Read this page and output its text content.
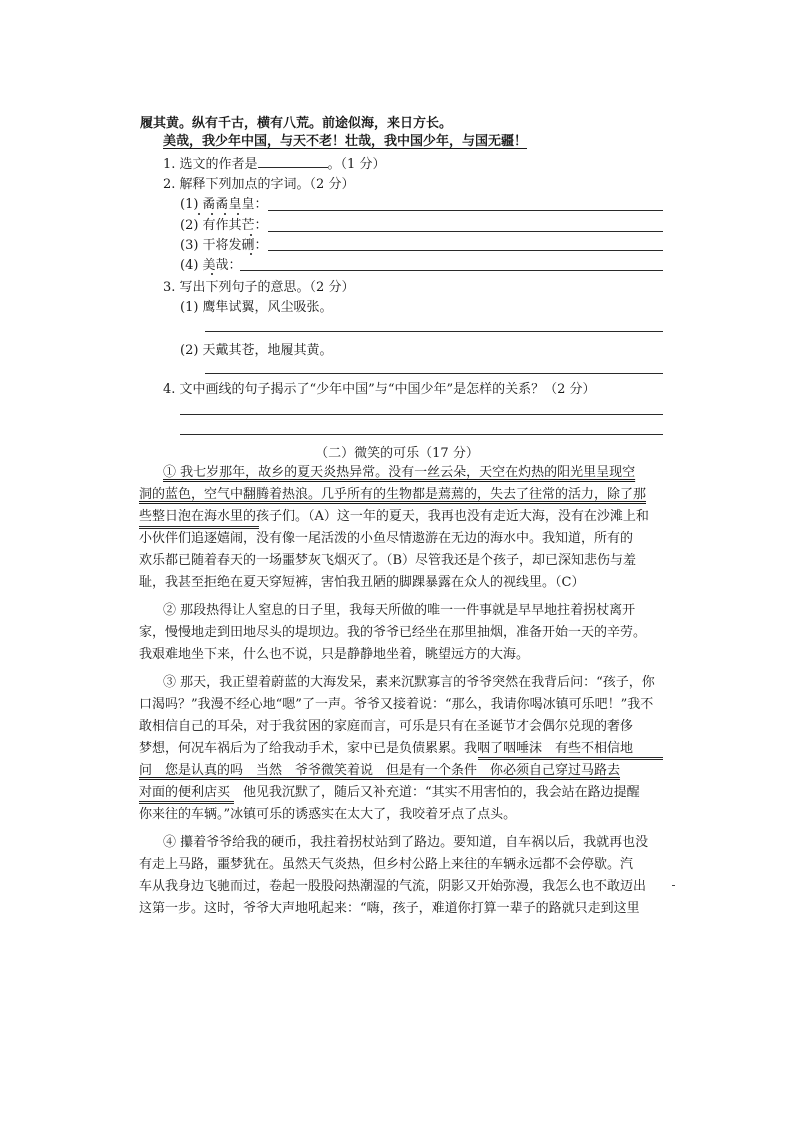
履其黄。纵有千古，横有八荒。前途似海，来日方长。
美哉，我少年中国，与天不老！壮哉，我中国少年，与国无疆！
1. 选文的作者是	。（1 分）
2. 解释下列加点的字词。（2 分）
(1) 矞矞皇皇：
(2) 有作其芒：
(3) 干将发硎：
(4) 美哉：
3. 写出下列句子的意思。（2 分）
(1) 鹰隼试翼，风尘吸张。
(2) 天戴其苍，地履其黄。
4. 文中画线的句子揭示了“少年中国”与“中国少年”是怎样的关系？（2 分）
（二）微笑的可乐（17 分）
① 我七岁那年，故乡的夏天炎热异常。没有一丝云朵，天空在灼热的阳光里呈现空
洞的蓝色，空气中翻腾着热浪。几乎所有的生物都是蔫蔫的，失去了往常的活力，除了那
些整日泡在海水里的孩子们。（A）这一年的夏天，我再也没有走近大海，没有在沙滩上和
小伙伴们追逐嬉闹，没有像一尾活泼的小鱼尽情遨游在无边的海水中。我知道，所有的
欢乐都已随着春天的一场噩梦灰飞烟灭了。（B）尽管我还是个孩子，却已深知悲伤与羞
耻，我甚至拒绝在夏天穿短裤，害怕我丑陋的脚踝暴露在众人的视线里。（C）
② 那段热得让人窒息的日子里，我每天所做的唯一一件事就是早早地拄着拐杖离开
家，慢慢地走到田地尽头的堤坝边。我的爷爷已经坐在那里抽烟，准备开始一天的辛劳。
我艰难地坐下来，什么也不说，只是静静地坐着，眺望远方的大海。
③ 那天，我正望着蔚蓝的大海发呆，素来沉默寡言的爷爷突然在我背后问：“孩子，你
口渴吗？”我漫不经心地“嗯”了一声。爷爷又接着说：“那么，我请你喝冰镇可乐吧！”我不
敢相信自己的耳朵，对于我贫困的家庭而言，可乐是只有在圣诞节才会偶尔兑现的奢侈
梦想，何况车祸后为了给我动手术，家中已是负债累累。我咽了咽唾沫　有些不相信地
问　您是认真的吗　当然　爷爷微笑着说　但是有一个条件　你必须自己穿过马路去
对面的便利店买　他见我沉默了，随后又补充道：“其实不用害怕的，我会站在路边提醒
你来往的车辆。”冰镇可乐的诱惑实在太大了，我咬着牙点了点头。
④ 攥着爷爷给我的硬币，我拄着拐杖站到了路边。要知道，自车祸以后，我就再也没
有走上马路，噩梦犹在。虽然天气炎热，但乡村公路上来往的车辆永远都不会停歇。汽
车从我身边飞驰而过，卷起一股股闷热潮湿的气流，阴影又开始弥漫，我怎么也不敢迈出
这第一步。这时，爷爷大声地吼起来：“嗨，孩子，难道你打算一辈子的路就只走到这里
